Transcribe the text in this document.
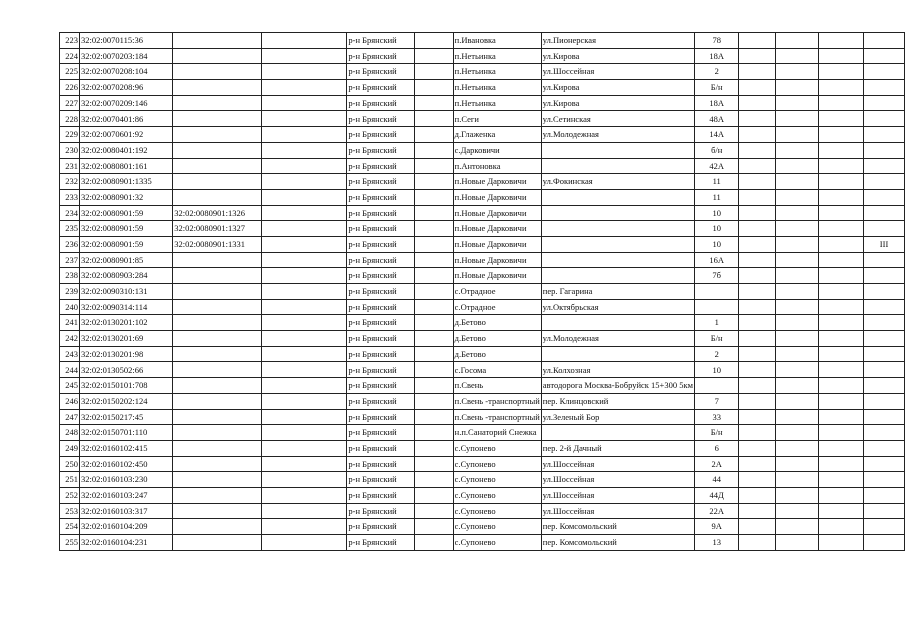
223	32:02:0070115:36			р-н Брянский		п.Ивановка	ул.Пионерская	78				
224	32:02:0070203:184			р-н Брянский		п.Нетьинка	ул.Кирова	18А				
225	32:02:0070208:104			р-н Брянский		п.Нетьинка	ул.Шоссейная	2				
226	32:02:0070208:96			р-н Брянский		п.Нетьинка	ул.Кирова	Б/н				
227	32:02:0070209:146			р-н Брянский		п.Нетьинка	ул.Кирова	18А				
228	32:02:0070401:86			р-н Брянский		п.Сеги	ул.Сетинская	48А				
229	32:02:0070601:92			р-н Брянский		д.Глаженка	ул.Молодежная	14А				
230	32:02:0080401:192			р-н Брянский		с.Дарковичи		б/н				
231	32:02:0080801:161			р-н Брянский		п.Антоновка		42А				
232	32:02:0080901:1335			р-н Брянский		п.Новые Дарковичи	ул.Фокинская	11				
233	32:02:0080901:32			р-н Брянский		п.Новые Дарковичи		11				
234	32:02:0080901:59	32:02:0080901:1326		р-н Брянский		п.Новые Дарковичи		10				
235	32:02:0080901:59	32:02:0080901:1327		р-н Брянский		п.Новые Дарковичи		10				
236	32:02:0080901:59	32:02:0080901:1331		р-н Брянский		п.Новые Дарковичи		10				III
237	32:02:0080901:85			р-н Брянский		п.Новые Дарковичи		16А				
238	32:02:0080903:284			р-н Брянский		п.Новые Дарковичи		7б				
239	32:02:0090310:131			р-н Брянский		с.Отрадное	пер. Гагарина					
240	32:02:0090314:114			р-н Брянский		с.Отрадное	ул.Октябрьская					
241	32:02:0130201:102			р-н Брянский		д.Бетово		1				
242	32:02:0130201:69			р-н Брянский		д.Бетово	ул.Молодежная	Б/н				
243	32:02:0130201:98			р-н Брянский		д.Бетово		2				
244	32:02:0130502:66			р-н Брянский		с.Госома	ул.Колхозная	10				
245	32:02:0150101:708			р-н Брянский		п.Свень	автодорога Москва-Бобруйск 15+300 5км					
246	32:02:0150202:124			р-н Брянский		п.Свень -транспортный	пер. Клинцовский	7				
247	32:02:0150217:45			р-н Брянский		п.Свень -транспортный	ул.Зеленый Бор	33				
248	32:02:0150701:110			р-н Брянский		н.п.Санаторий Снежка		Б/н				
249	32:02:0160102:415			р-н Брянский		с.Супонево	пер. 2-й Дачный	6				
250	32:02:0160102:450			р-н Брянский		с.Супонево	ул.Шоссейная	2А				
251	32:02:0160103:230			р-н Брянский		с.Супонево	ул.Шоссейная	44				
252	32:02:0160103:247			р-н Брянский		с.Супонево	ул.Шоссейная	44Д				
253	32:02:0160103:317			р-н Брянский		с.Супонево	ул.Шоссейная	22А				
254	32:02:0160104:209			р-н Брянский		с.Супонево	пер. Комсомольский	9А				
255	32:02:0160104:231			р-н Брянский		с.Супонево	пер. Комсомольский	13				
